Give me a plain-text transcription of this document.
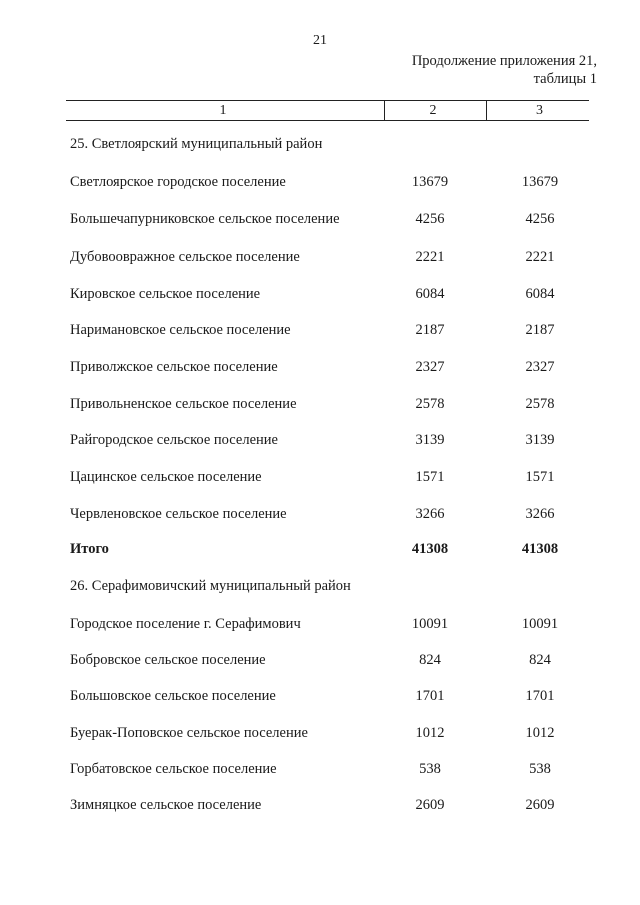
21
Продолжение приложения 21,
таблицы 1
1	2	3
25. Светлоярский муниципальный район
Светлоярское городское поселение	13679	13679
Большечапурниковское сельское поселение	4256	4256
Дубовоовражное сельское поселение	2221	2221
Кировское сельское поселение	6084	6084
Наримановское сельское поселение	2187	2187
Приволжское сельское поселение	2327	2327
Привольненское сельское поселение	2578	2578
Райгородское сельское поселение	3139	3139
Цацинское сельское поселение	1571	1571
Червленовское сельское поселение	3266	3266
Итого	41308	41308
26. Серафимовичский муниципальный район
Городское поселение г. Серафимович	10091	10091
Бобровское сельское поселение	824	824
Большовское сельское поселение	1701	1701
Буерак-Поповское сельское поселение	1012	1012
Горбатовское сельское поселение	538	538
Зимняцкое сельское поселение	2609	2609
